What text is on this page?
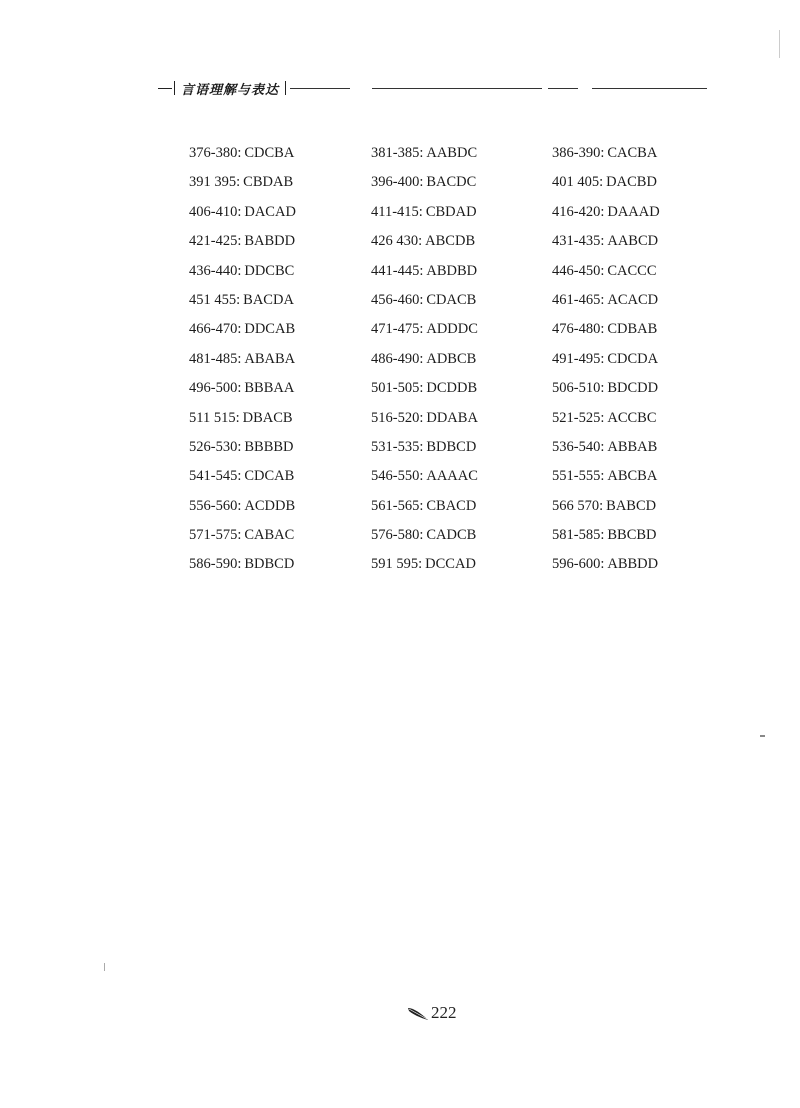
言语理解与表达
376-380: CDCBA
391 395: CBDAB
406-410: DACAD
421-425: BABDD
436-440: DDCBC
451 455: BACDA
466-470: DDCAB
481-485: ABABA
496-500: BBBAA
511 515: DBACB
526-530: BBBBD
541-545: CDCAB
556-560: ACDDB
571-575: CABAC
586-590: BDBCD
381-385: AABDC
396-400: BACDC
411-415: CBDAD
426 430: ABCDB
441-445: ABDBD
456-460: CDACB
471-475: ADDDC
486-490: ADBCB
501-505: DCDDB
516-520: DDABA
531-535: BDBCD
546-550: AAAAC
561-565: CBACD
576-580: CADCB
591 595: DCCAD
386-390: CACBA
401 405: DACBD
416-420: DAAAD
431-435: AABCD
446-450: CACCC
461-465: ACACD
476-480: CDBAB
491-495: CDCDA
506-510: BDCDD
521-525: ACCBC
536-540: ABBAB
551-555: ABCBA
566 570: BABCD
581-585: BBCBD
596-600: ABBDD
222
